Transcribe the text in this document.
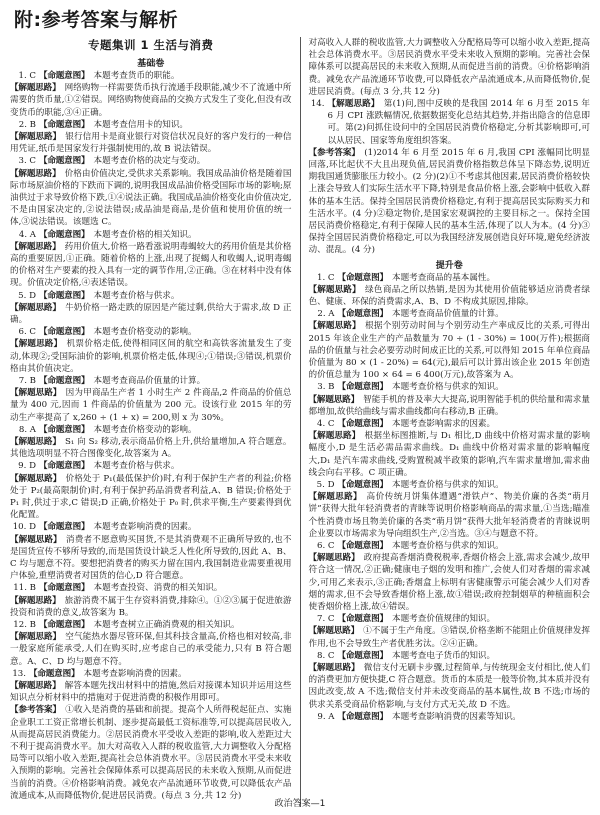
附:参考答案与解析
专题集训 1 生活与消费
基础卷
1. C 【命题意图】 本题考查货币的职能。

【解题思路】 网络购物一样需要货币执行流通手段职能,减少不了流通中所需要的货币量,①②错误。网络购物使商品的交换方式发生了变化,但没有改变货币的职能,③④正确。

2. B 【命题意图】 本题考查信用卡的知识。

【解题思路】 银行信用卡是商业银行对资信状况良好的客户发行的一种信用凭证,纸币是国家发行并强制使用的,故 B 说法错误。

3. C 【命题意图】 本题考查价格的决定与变动。

【解题思路】 价格由价值决定,受供求关系影响。我国成品油价格是随着国际市场原油价格的下跌而下调的,说明我国成品油价格受国际市场的影响;原油供过于求导致价格下跌,①④说法正确。我国成品油价格变化由价值决定,不是由国家决定的,②说法错误;成品油是商品,是价值和使用价值的统一体,③说法错误。该题选 C。

4. A 【命题意图】 本题考查价格的相关知识。

【解题思路】 药用价值大,价格一路看涨说明毒蝎较大的药用价值是其价格高的重要原因,①正确。随着价格的上涨,出现了捉蝎人和收蝎人,说明毒蝎的价格对生产要素的投入具有一定的调节作用,②正确。③在材料中没有体现。价值决定价格,④表述错误。

5. D 【命题意图】 本题考查价格与供求。

【解题思路】 牛奶价格一路走跌的原因是产能过剩,供给大于需求,故 D 正确。

6. C 【命题意图】 本题考查价格变动的影响。

【解题思路】 机票价格走低,使得相同区间的航空和高铁客流量发生了变动,体现②;受国际油价的影响,机票价格走低,体现④;①错误;③错误,机票价格由其价值决定。

7. B 【命题意图】 本题考查商品价值量的计算。

【解题思路】 因为甲商品生产者 1 小时生产 2 件商品,2 件商品的价值总量为 400 元,因而 1 件商品的价值量为 200 元。设该行业 2015 年的劳动生产率提高了 x,260 ÷ (1 + x) = 200,则 x 为 30%。

8. A 【命题意图】 本题考查价格变动的影响。

【解题思路】 S₁ 向 S₂ 移动,表示商品价格上升,供给量增加,A 符合题意。其他选项明显不符合图像变化,故答案为 A。

9. D 【命题意图】 本题考查价格与供求。

【解题思路】 价格处于 P₁(最低保护价)时,有利于保护生产者的利益;价格处于 P₂(最高限制价)时,有利于保护药品消费者利益,A、B 错误;价格处于 P₁ 时,供过于求,C 错误;D 正确,价格处于 P₀ 时,供求平衡,生产要素得到优化配置。

10. D 【命题意图】 本题考查影响消费的因素。

【解题思路】 消费者不愿意购买国货,不是其消费观不正确所导致的,也不是国货宣传不够所导致的,而是国货设计缺乏人性化所导致的,因此 A、B、C 均与题意不符。要想把消费者的购买力留在国内,我国制造业需要重视用户体验,重塑消费者对国货的信心,D 符合题意。

11. B 【命题意图】 本题考查投资、消费的相关知识。

【解题思路】 旅游消费不属于生存资料消费,排除④。①②③属于促进旅游投资和消费的意义,故答案为 B。

12. B 【命题意图】 本题考查树立正确消费观的相关知识。

【解题思路】 空气能热水器尽管环保,但其科技含量高,价格也相对较高,非一般家庭所能承受,人们在购买时,应考虑自己的承受能力,只有 B 符合题意。A、C、D 均与题意不符。

13. 【命题意图】 本题考查影响消费的因素。

【解题思路】 解答本题先找出材料中的措施,然后对接课本知识并运用这些知识点分析材料中的措施对于促进消费的积极作用即可。

【参考答案】 ①收入是消费的基础和前提。提高个人所得税起征点、实施企业职工工资正常增长机制、逐步提高最低工资标准等,可以提高居民收入,从而提高居民消费能力。②居民消费水平受收入差距的影响,收入差距过大不利于提高消费水平。加大对高收入人群的税收监管,大力调整收入分配格局等可以缩小收入差距,提高社会总体消费水平。③居民消费水平受未来收入预期的影响。完善社会保障体系可以提高居民的未来收入预期,从而促进当前的消费。④价格影响消费。减免农产品流通环节收费,可以降低农产品流通成本,从而降低物价,促进居民消费。(每点 3 分,共 12 分)

对高收入人群的税收监管,大力调整收入分配格局等可以缩小收入差距,提高社会总体消费水平。③居民消费水平受未来收入预期的影响。完善社会保障体系可以提高居民的未来收入预期,从而促进当前的消费。④价格影响消费。减免农产品流通环节收费,可以降低农产品流通成本,从而降低物价,促进居民消费。(每点 3 分,共 12 分)

14. 【解题思路】 第(1)问,图中反映的是我国 2014 年 6 月至 2015 年 6 月 CPI 涨跌幅情况,依据数据变化总结其趋势,并指出隐含的信息即可。第(2)问抓住设问中的全国居民消费价格稳定,分析其影响即可,可以从居民、国家等角度组织答案。

【参考答案】 (1)2014 年 6 月至 2015 年 6 月,我国 CPI 涨幅同比明显回落,环比起伏不大且出现负值,居民消费价格指数总体呈下降态势,说明近期我国通货膨胀压力较小。(2 分)(2)①不考虑其他因素,居民消费价格较快上涨会导致人们实际生活水平下降,特别是食品价格上涨,会影响中低收入群体的基本生活。保持全国居民消费价格稳定,有利于提高居民实际购买力和生活水平。(4 分)②稳定物价,是国家宏观调控的主要目标之一。保持全国居民消费价格稳定,有利于保障人民的基本生活,体现了以人为本。(4 分)③保持全国居民消费价格稳定,可以为我国经济发展创造良好环境,避免经济波动、混乱。(4 分)

提升卷
1. C 【命题意图】 本题考查商品的基本属性。

【解题思路】 绿色商品之所以热销,是因为其使用价值能够适应消费者绿色、健康、环保的消费需求,A、B、D 不构成其原因,排除。

2. A 【命题意图】 本题考查商品价值量的计算。

【解题思路】 根据个别劳动时间与个别劳动生产率成反比的关系,可得出 2015 年该企业生产的产品数量为 70 ÷ (1 - 30%) = 100(万件);根据商品的价值量与社会必要劳动时间成正比的关系,可以得知 2015 年单位商品价值量为 80 × (1 - 20%) = 64(元),最后可以计算出该企业 2015 年创造的价值总量为 100 × 64 = 6 400(万元),故答案为 A。

3. B 【命题意图】 本题考查价格与供求的知识。

【解题思路】 智能手机的普及率大大提高,说明智能手机的供给量和需求量都增加,故供给曲线与需求曲线都向右移动,B 正确。

4. C 【命题意图】 本题考查影响需求的因素。

【解题思路】 根据坐标图推断,与 D₁ 相比,D 曲线中价格对需求量的影响幅度小,D 是生活必需品需求曲线。D₁ 曲线中价格对需求量的影响幅度大,D₁ 是汽车需求曲线,受购置税减半政策的影响,汽车需求量增加,需求曲线会向右平移。C 项正确。

5. D 【命题意图】 本题考查价格与供求的知识。

【解题思路】 高价传统月饼集体遭遇“滑铁卢”、物美价廉的各类“萌月饼”获得大批年轻消费者的青睐等说明价格影响商品的需求量,①当选;瞄准个性消费市场且物美价廉的各类“萌月饼”获得大批年轻消费者的青睐说明企业要以市场需求为导向组织生产,②当选。③④与题意不符。

6. C 【命题意图】 本题考查价格与供求的知识。

【解题思路】 政府提高香烟消费税税率,香烟价格会上涨,需求会减少,故甲符合这一情况,②正确;健康电子烟的发明和推广,会使人们对香烟的需求减少,可用乙来表示,③正确;香烟盒上标明有害健康警示可能会减少人们对香烟的需求,但不会导致香烟价格上涨,故①错误;政府控制烟草的种植面积会使香烟价格上涨,故④错误。

7. C 【命题意图】 本题考查价值规律的知识。

【解题思路】 ①不属于生产角度。③错误,价格垄断不能阻止价值规律发挥作用,也不会导致生产者优胜劣汰。②④正确。

8. C 【命题意图】 本题考查电子货币的知识。

【解题思路】 微信支付无刷卡步骤,过程简单,与传统现金支付相比,使人们的消费更加方便快捷,C 符合题意。货币的本质是一般等价物,其本质并没有因此改变,故 A 不选;微信支付并未改变商品的基本属性,故 B 不选;市场的供求关系受商品价格影响,与支付方式无关,故 D 不选。

9. A 【命题意图】 本题考查影响消费的因素等知识。

政治答案—1
